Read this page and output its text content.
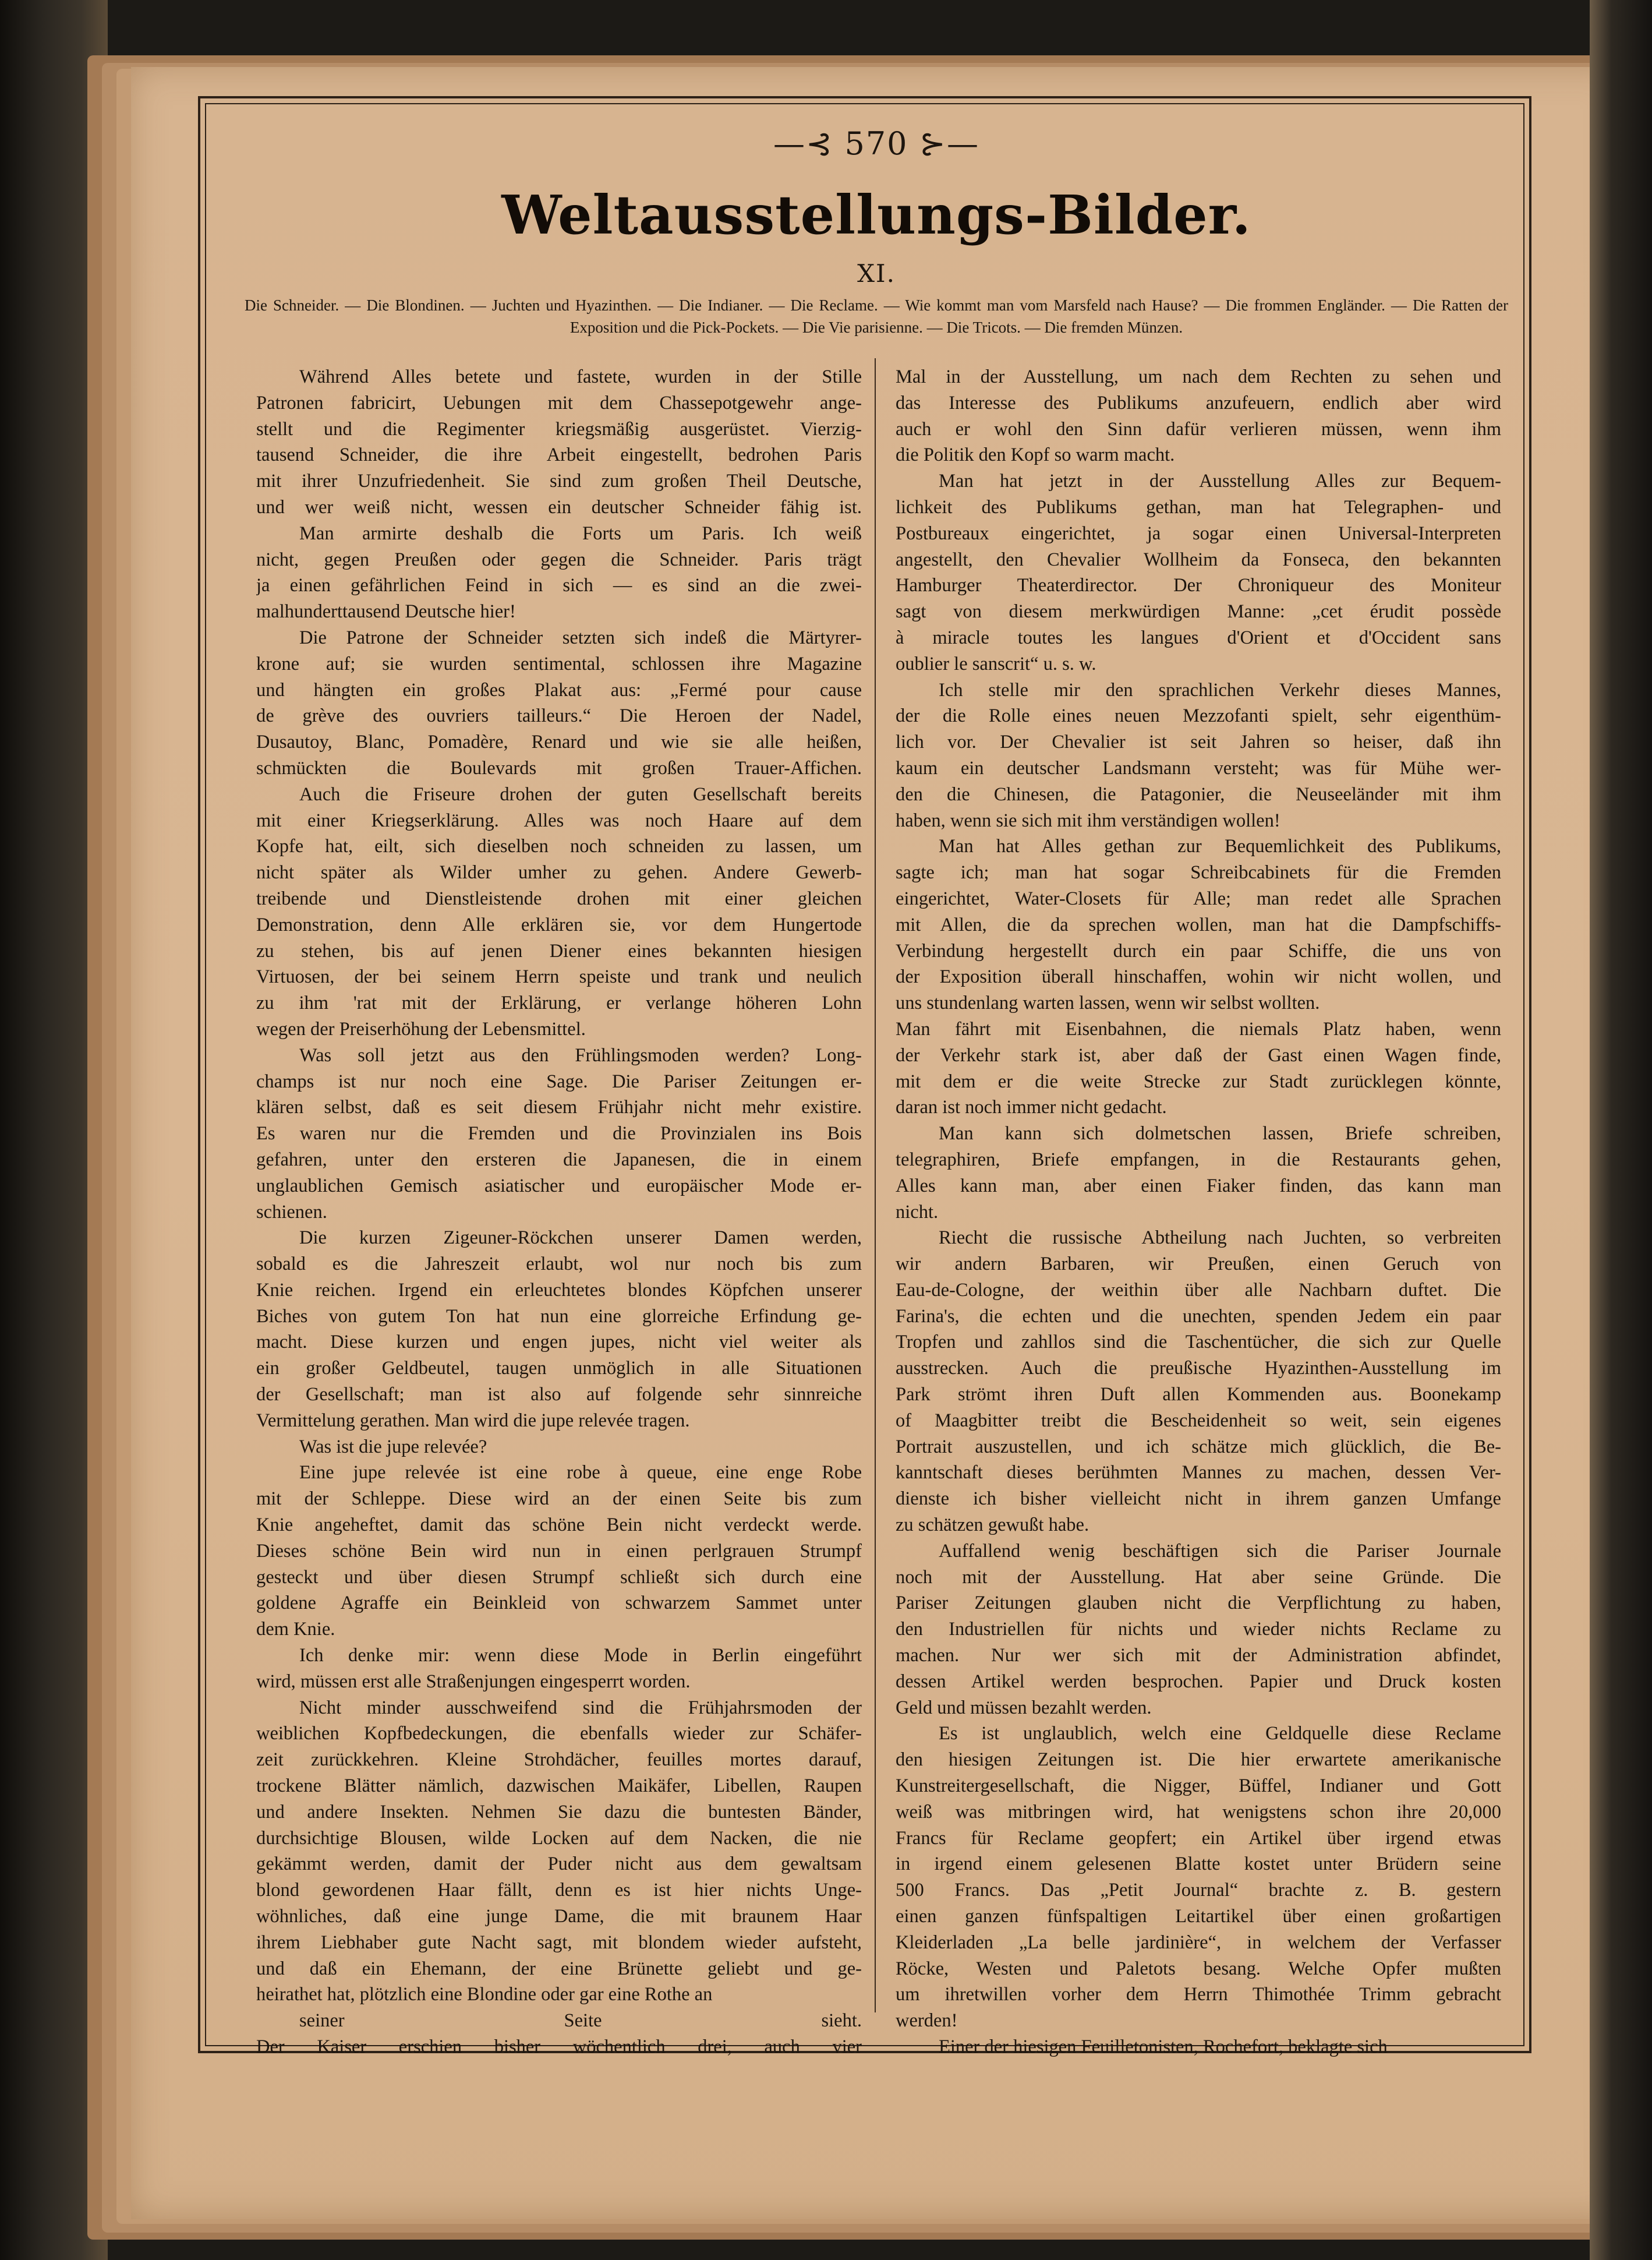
—⊰ 570 ⊱—
Weltausstellungs-Bilder.
XI.
Die Schneider. — Die Blondinen. — Juchten und Hyazinthen. — Die Indianer. — Die Reclame. — Wie kommt man vom Marsfeld nach Hause? — Die frommen Engländer. — Die Ratten der Exposition und die Pick-Pockets. — Die Vie parisienne. — Die Tricots. — Die fremden Münzen.
Während Alles betete und fastete, wurden in der Stille
Patronen fabricirt, Uebungen mit dem Chassepotgewehr ange-
stellt und die Regimenter kriegsmäßig ausgerüstet. Vierzig-
tausend Schneider, die ihre Arbeit eingestellt, bedrohen Paris
mit ihrer Unzufriedenheit. Sie sind zum großen Theil Deutsche,
und wer weiß nicht, wessen ein deutscher Schneider fähig ist.
Man armirte deshalb die Forts um Paris. Ich weiß
nicht, gegen Preußen oder gegen die Schneider. Paris trägt
ja einen gefährlichen Feind in sich — es sind an die zwei-
malhunderttausend Deutsche hier!
Die Patrone der Schneider setzten sich indeß die Märtyrer-
krone auf; sie wurden sentimental, schlossen ihre Magazine
und hängten ein großes Plakat aus: „Fermé pour cause
de grève des ouvriers tailleurs.“ Die Heroen der Nadel,
Dusautoy, Blanc, Pomadère, Renard und wie sie alle heißen,
schmückten die Boulevards mit großen Trauer-Affichen.
Auch die Friseure drohen der guten Gesellschaft bereits
mit einer Kriegserklärung. Alles was noch Haare auf dem
Kopfe hat, eilt, sich dieselben noch schneiden zu lassen, um
nicht später als Wilder umher zu gehen. Andere Gewerb-
treibende und Dienstleistende drohen mit einer gleichen
Demonstration, denn Alle erklären sie, vor dem Hungertode
zu stehen, bis auf jenen Diener eines bekannten hiesigen
Virtuosen, der bei seinem Herrn speiste und trank und neulich
zu ihm 'rat mit der Erklärung, er verlange höheren Lohn
wegen der Preiserhöhung der Lebensmittel.
Was soll jetzt aus den Frühlingsmoden werden? Long-
champs ist nur noch eine Sage. Die Pariser Zeitungen er-
klären selbst, daß es seit diesem Frühjahr nicht mehr existire.
Es waren nur die Fremden und die Provinzialen ins Bois
gefahren, unter den ersteren die Japanesen, die in einem
unglaublichen Gemisch asiatischer und europäischer Mode er-
schienen.
Die kurzen Zigeuner-Röckchen unserer Damen werden,
sobald es die Jahreszeit erlaubt, wol nur noch bis zum
Knie reichen. Irgend ein erleuchtetes blondes Köpfchen unserer
Biches von gutem Ton hat nun eine glorreiche Erfindung ge-
macht. Diese kurzen und engen jupes, nicht viel weiter als
ein großer Geldbeutel, taugen unmöglich in alle Situationen
der Gesellschaft; man ist also auf folgende sehr sinnreiche
Vermittelung gerathen. Man wird die jupe relevée tragen.
Was ist die jupe relevée?
Eine jupe relevée ist eine robe à queue, eine enge Robe
mit der Schleppe. Diese wird an der einen Seite bis zum
Knie angeheftet, damit das schöne Bein nicht verdeckt werde.
Dieses schöne Bein wird nun in einen perlgrauen Strumpf
gesteckt und über diesen Strumpf schließt sich durch eine
goldene Agraffe ein Beinkleid von schwarzem Sammet unter
dem Knie.
Ich denke mir: wenn diese Mode in Berlin eingeführt
wird, müssen erst alle Straßenjungen eingesperrt worden.
Nicht minder ausschweifend sind die Frühjahrsmoden der
weiblichen Kopfbedeckungen, die ebenfalls wieder zur Schäfer-
zeit zurückkehren. Kleine Strohdächer, feuilles mortes darauf,
trockene Blätter nämlich, dazwischen Maikäfer, Libellen, Raupen
und andere Insekten. Nehmen Sie dazu die buntesten Bänder,
durchsichtige Blousen, wilde Locken auf dem Nacken, die nie
gekämmt werden, damit der Puder nicht aus dem gewaltsam
blond gewordenen Haar fällt, denn es ist hier nichts Unge-
wöhnliches, daß eine junge Dame, die mit braunem Haar
ihrem Liebhaber gute Nacht sagt, mit blondem wieder aufsteht,
und daß ein Ehemann, der eine Brünette geliebt und ge-
heirathet hat, plötzlich eine Blondine oder gar eine Rothe an
seiner Seite sieht.
Der Kaiser erschien bisher wöchentlich drei, auch vier
Mal in der Ausstellung, um nach dem Rechten zu sehen und
das Interesse des Publikums anzufeuern, endlich aber wird
auch er wohl den Sinn dafür verlieren müssen, wenn ihm
die Politik den Kopf so warm macht.
Man hat jetzt in der Ausstellung Alles zur Bequem-
lichkeit des Publikums gethan, man hat Telegraphen- und
Postbureaux eingerichtet, ja sogar einen Universal-Interpreten
angestellt, den Chevalier Wollheim da Fonseca, den bekannten
Hamburger Theaterdirector. Der Chroniqueur des Moniteur
sagt von diesem merkwürdigen Manne: „cet érudit possède
à miracle toutes les langues d'Orient et d'Occident sans
oublier le sanscrit“ u. s. w.
Ich stelle mir den sprachlichen Verkehr dieses Mannes,
der die Rolle eines neuen Mezzofanti spielt, sehr eigenthüm-
lich vor. Der Chevalier ist seit Jahren so heiser, daß ihn
kaum ein deutscher Landsmann versteht; was für Mühe wer-
den die Chinesen, die Patagonier, die Neuseeländer mit ihm
haben, wenn sie sich mit ihm verständigen wollen!
Man hat Alles gethan zur Bequemlichkeit des Publikums,
sagte ich; man hat sogar Schreibcabinets für die Fremden
eingerichtet, Water-Closets für Alle; man redet alle Sprachen
mit Allen, die da sprechen wollen, man hat die Dampfschiffs-
Verbindung hergestellt durch ein paar Schiffe, die uns von
der Exposition überall hinschaffen, wohin wir nicht wollen, und
uns stundenlang warten lassen, wenn wir selbst wollten.
Man fährt mit Eisenbahnen, die niemals Platz haben, wenn
der Verkehr stark ist, aber daß der Gast einen Wagen finde,
mit dem er die weite Strecke zur Stadt zurücklegen könnte,
daran ist noch immer nicht gedacht.
Man kann sich dolmetschen lassen, Briefe schreiben,
telegraphiren, Briefe empfangen, in die Restaurants gehen,
Alles kann man, aber einen Fiaker finden, das kann man
nicht.
Riecht die russische Abtheilung nach Juchten, so verbreiten
wir andern Barbaren, wir Preußen, einen Geruch von
Eau-de-Cologne, der weithin über alle Nachbarn duftet. Die
Farina's, die echten und die unechten, spenden Jedem ein paar
Tropfen und zahllos sind die Taschentücher, die sich zur Quelle
ausstrecken. Auch die preußische Hyazinthen-Ausstellung im
Park strömt ihren Duft allen Kommenden aus. Boonekamp
of Maagbitter treibt die Bescheidenheit so weit, sein eigenes
Portrait auszustellen, und ich schätze mich glücklich, die Be-
kanntschaft dieses berühmten Mannes zu machen, dessen Ver-
dienste ich bisher vielleicht nicht in ihrem ganzen Umfange
zu schätzen gewußt habe.
Auffallend wenig beschäftigen sich die Pariser Journale
noch mit der Ausstellung. Hat aber seine Gründe. Die
Pariser Zeitungen glauben nicht die Verpflichtung zu haben,
den Industriellen für nichts und wieder nichts Reclame zu
machen. Nur wer sich mit der Administration abfindet,
dessen Artikel werden besprochen. Papier und Druck kosten
Geld und müssen bezahlt werden.
Es ist unglaublich, welch eine Geldquelle diese Reclame
den hiesigen Zeitungen ist. Die hier erwartete amerikanische
Kunstreitergesellschaft, die Nigger, Büffel, Indianer und Gott
weiß was mitbringen wird, hat wenigstens schon ihre 20,000
Francs für Reclame geopfert; ein Artikel über irgend etwas
in irgend einem gelesenen Blatte kostet unter Brüdern seine
500 Francs. Das „Petit Journal“ brachte z. B. gestern
einen ganzen fünfspaltigen Leitartikel über einen großartigen
Kleiderladen „La belle jardinière“, in welchem der Verfasser
Röcke, Westen und Paletots besang. Welche Opfer mußten
um ihretwillen vorher dem Herrn Thimothée Trimm gebracht
werden!
Einer der hiesigen Feuilletonisten, Rochefort, beklagte sich
